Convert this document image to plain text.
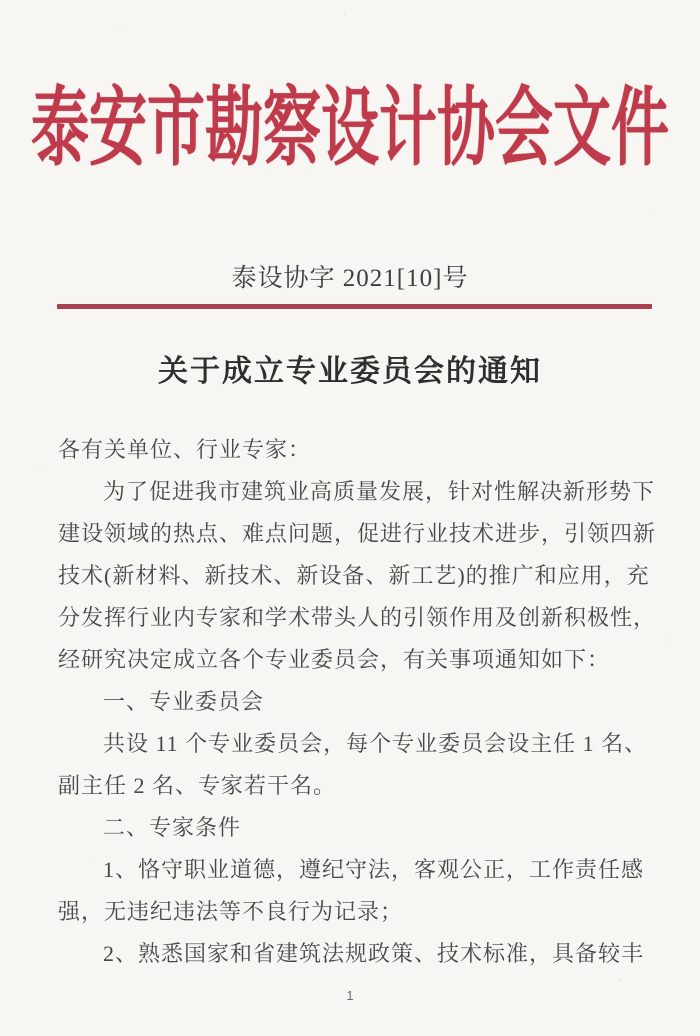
泰安市勘察设计协会文件
泰设协字 2021[10]号
关于成立专业委员会的通知
各有关单位、行业专家：
为了促进我市建筑业高质量发展，针对性解决新形势下
建设领域的热点、难点问题，促进行业技术进步，引领四新
技术(新材料、新技术、新设备、新工艺)的推广和应用，充
分发挥行业内专家和学术带头人的引领作用及创新积极性，
经研究决定成立各个专业委员会，有关事项通知如下：
一、专业委员会
共设 11 个专业委员会，每个专业委员会设主任 1 名、
副主任 2 名、专家若干名。
二、专家条件
1、恪守职业道德，遵纪守法，客观公正，工作责任感
强，无违纪违法等不良行为记录；
2、熟悉国家和省建筑法规政策、技术标准，具备较丰
1
